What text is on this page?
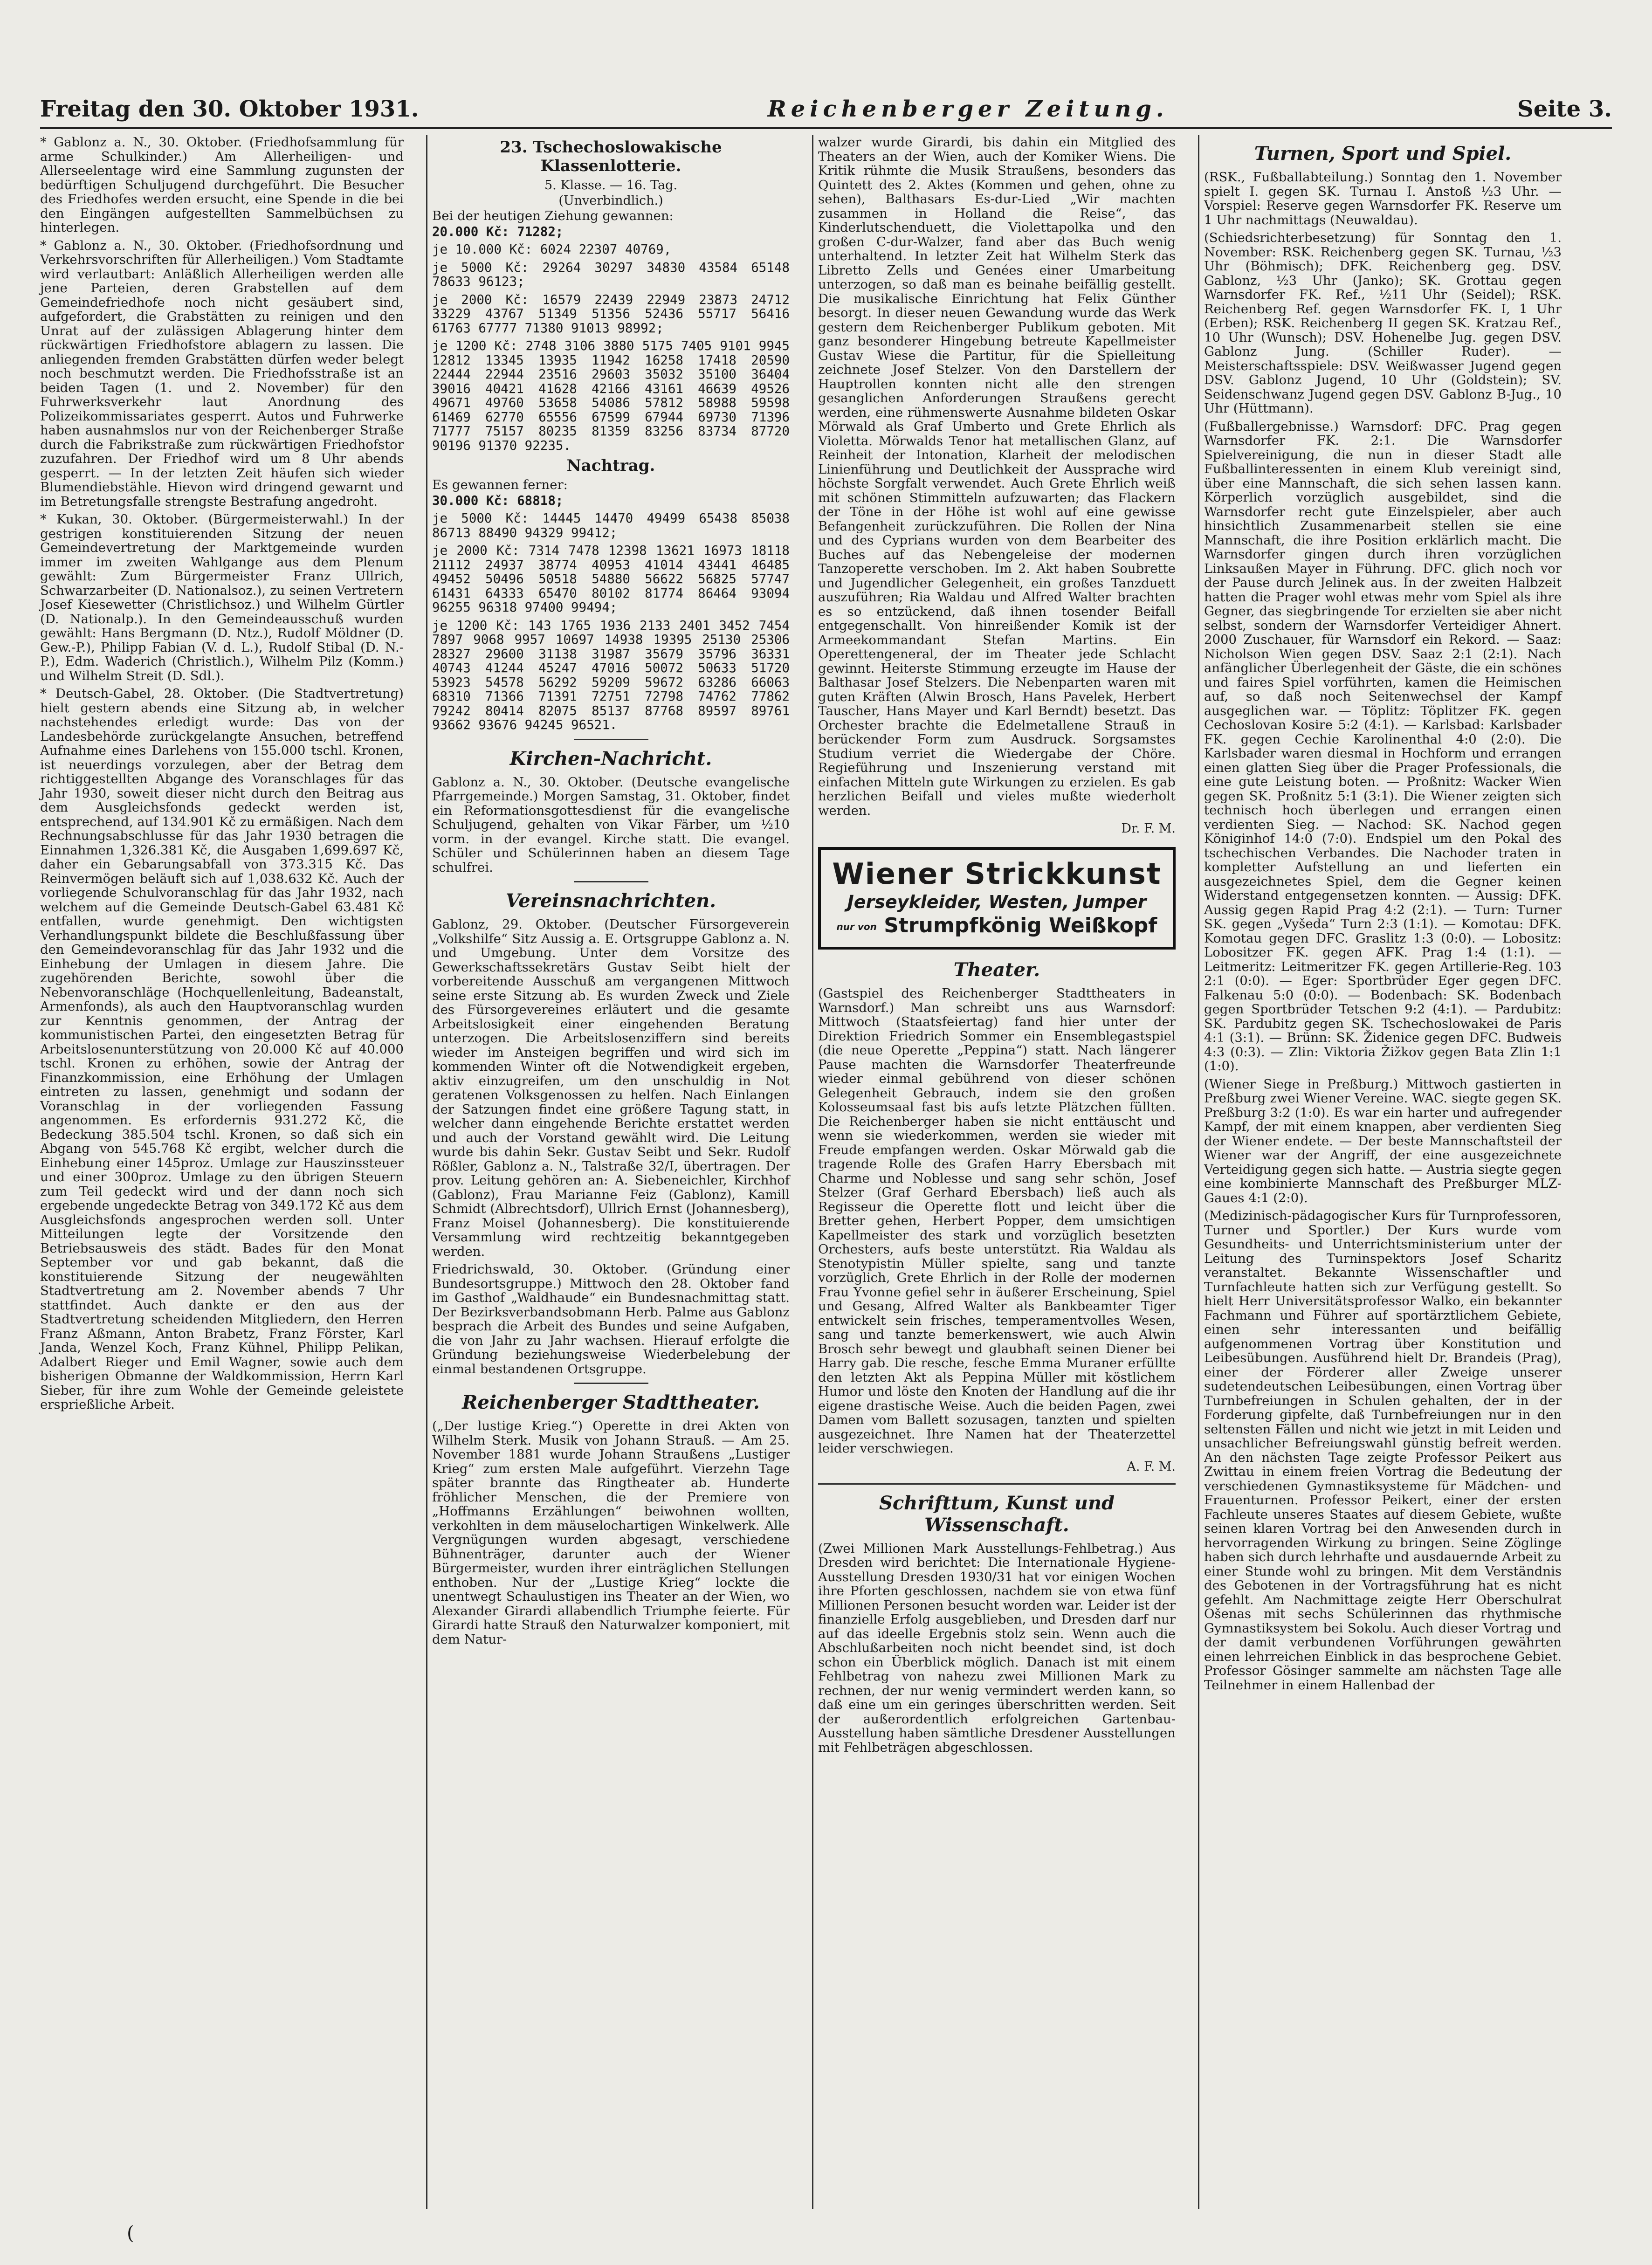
Freitag den 30. Oktober 1931.	Reichenberger Zeitung.	Seite 3.

* Gablonz a. N., 30. Oktober. (Friedhofsammlung für arme Schulkinder.) Am Allerheiligen- und Allerseelentage wird eine Sammlung zugunsten der bedürftigen Schuljugend durchgeführt. Die Besucher des Friedhofes werden ersucht, eine Spende in die bei den Eingängen aufgestellten Sammelbüchsen zu hinterlegen.

* Gablonz a. N., 30. Oktober. (Friedhofsordnung und Verkehrsvorschriften für Allerheiligen.) Vom Stadtamte wird verlautbart: Anläßlich Allerheiligen werden alle jene Parteien, deren Grabstellen auf dem Gemeindefriedhofe noch nicht gesäubert sind, aufgefordert, die Grabstätten zu reinigen und den Unrat auf der zulässigen Ablagerung hinter dem rückwärtigen Friedhofstore ablagern zu lassen. Die anliegenden fremden Grabstätten dürfen weder belegt noch beschmutzt werden. Die Friedhofsstraße ist an beiden Tagen (1. und 2. November) für den Fuhrwerksverkehr laut Anordnung des Polizeikommissariates gesperrt. Autos und Fuhrwerke haben ausnahmslos nur von der Reichenberger Straße durch die Fabrikstraße zum rückwärtigen Friedhofstor zuzufahren. Der Friedhof wird um 8 Uhr abends gesperrt. — In der letzten Zeit häufen sich wieder Blumendiebstähle. Hievon wird dringend gewarnt und im Betretungsfalle strengste Bestrafung angedroht.

* Kukan, 30. Oktober. (Bürgermeisterwahl.) In der gestrigen konstituierenden Sitzung der neuen Gemeindevertretung der Marktgemeinde wurden immer im zweiten Wahlgange aus dem Plenum gewählt: Zum Bürgermeister Franz Ullrich, Schwarzarbeiter (D. Nationalsoz.), zu seinen Vertretern Josef Kiesewetter (Christlichsoz.) und Wilhelm Gürtler (D. Nationalp.). In den Gemeindeausschuß wurden gewählt: Hans Bergmann (D. Ntz.), Rudolf Möldner (D. Gew.-P.), Philipp Fabian (V. d. L.), Rudolf Stibal (D. N.-P.), Edm. Waderich (Christlich.), Wilhelm Pilz (Komm.) und Wilhelm Streit (D. Sdl.).

* Deutsch-Gabel, 28. Oktober. (Die Stadtvertretung) hielt gestern abends eine Sitzung ab, in welcher nachstehendes erledigt wurde: Das von der Landesbehörde zurückgelangte Ansuchen, betreffend Aufnahme eines Darlehens von 155.000 tschl. Kronen, ist neuerdings vorzulegen, aber der Betrag dem richtiggestellten Abgange des Voranschlages für das Jahr 1930, soweit dieser nicht durch den Beitrag aus dem Ausgleichsfonds gedeckt werden ist, entsprechend, auf 134.901 Kč zu ermäßigen. Nach dem Rechnungsabschlusse für das Jahr 1930 betragen die Einnahmen 1,326.381 Kč, die Ausgaben 1,699.697 Kč, daher ein Gebarungsabfall von 373.315 Kč. Das Reinvermögen beläuft sich auf 1,038.632 Kč. Auch der vorliegende Schulvoranschlag für das Jahr 1932, nach welchem auf die Gemeinde Deutsch-Gabel 63.481 Kč entfallen, wurde genehmigt. Den wichtigsten Verhandlungspunkt bildete die Beschlußfassung über den Gemeindevoranschlag für das Jahr 1932 und die Einhebung der Umlagen in diesem Jahre. Die zugehörenden Berichte, sowohl über die Nebenvoranschläge (Hochquellenleitung, Badeanstalt, Armenfonds), als auch den Hauptvoranschlag wurden zur Kenntnis genommen, der Antrag der kommunistischen Partei, den eingesetzten Betrag für Arbeitslosenunterstützung von 20.000 Kč auf 40.000 tschl. Kronen zu erhöhen, sowie der Antrag der Finanzkommission, eine Erhöhung der Umlagen eintreten zu lassen, genehmigt und sodann der Voranschlag in der vorliegenden Fassung angenommen. Es erfordernis 931.272 Kč, die Bedeckung 385.504 tschl. Kronen, so daß sich ein Abgang von 545.768 Kč ergibt, welcher durch die Einhebung einer 145proz. Umlage zur Hauszinssteuer und einer 300proz. Umlage zu den übrigen Steuern zum Teil gedeckt wird und der dann noch sich ergebende ungedeckte Betrag von 349.172 Kč aus dem Ausgleichsfonds angesprochen werden soll. Unter Mitteilungen legte der Vorsitzende den Betriebsausweis des städt. Bades für den Monat September vor und gab bekannt, daß die konstituierende Sitzung der neugewählten Stadtvertretung am 2. November abends 7 Uhr stattfindet. Auch dankte er den aus der Stadtvertretung scheidenden Mitgliedern, den Herren Franz Aßmann, Anton Brabetz, Franz Förster, Karl Janda, Wenzel Koch, Franz Kühnel, Philipp Pelikan, Adalbert Rieger und Emil Wagner, sowie auch dem bisherigen Obmanne der Waldkommission, Herrn Karl Sieber, für ihre zum Wohle der Gemeinde geleistete ersprießliche Arbeit.

23. Tschechoslowakische Klassenlotterie.
5. Klasse. — 16. Tag.
(Unverbindlich.)

Bei der heutigen Ziehung gewannen:

20.000 Kč: 71282;

je 10.000 Kč: 6024 22307 40769,

je 5000 Kč: 29264 30297 34830 43584 65148 78633 96123;

je 2000 Kč: 16579 22439 22949 23873 24712 33229 43767 51349 51356 52436 55717 56416 61763 67777 71380 91013 98992;

je 1200 Kč: 2748 3106 3880 5175 7405 9101 9945 12812 13345 13935 11942 16258 17418 20590 22444 22944 23516 29603 35032 35100 36404 39016 40421 41628 42166 43161 46639 49526 49671 49760 53658 54086 57812 58988 59598 61469 62770 65556 67599 67944 69730 71396 71777 75157 80235 81359 83256 83734 87720 90196 91370 92235.

Nachtrag.

Es gewannen ferner:

30.000 Kč: 68818;

je 5000 Kč: 14445 14470 49499 65438 85038 86713 88490 94329 99412;

je 2000 Kč: 7314 7478 12398 13621 16973 18118 21112 24937 38774 40953 41014 43441 46485 49452 50496 50518 54880 56622 56825 57747 61431 64333 65470 80102 81774 86464 93094 96255 96318 97400 99494;

je 1200 Kč: 143 1765 1936 2133 2401 3452 7454 7897 9068 9957 10697 14938 19395 25130 25306 28327 29600 31138 31987 35679 35796 36331 40743 41244 45247 47016 50072 50633 51720 53923 54578 56292 59209 59672 63286 66063 68310 71366 71391 72751 72798 74762 77862 79242 80414 82075 85137 87768 89597 89761 93662 93676 94245 96521.

Kirchen-Nachricht.

Gablonz a. N., 30. Oktober. (Deutsche evangelische Pfarrgemeinde.) Morgen Samstag, 31. Oktober, findet ein Reformationsgottesdienst für die evangelische Schuljugend, gehalten von Vikar Färber, um ½10 vorm. in der evangel. Kirche statt. Die evangel. Schüler und Schülerinnen haben an diesem Tage schulfrei.

Vereinsnachrichten.

Gablonz, 29. Oktober. (Deutscher Fürsorgeverein „Volkshilfe“ Sitz Aussig a. E. Ortsgruppe Gablonz a. N. und Umgebung. Unter dem Vorsitze des Gewerkschaftssekretärs Gustav Seibt hielt der vorbereitende Ausschuß am vergangenen Mittwoch seine erste Sitzung ab. Es wurden Zweck und Ziele des Fürsorgevereines erläutert und die gesamte Arbeitslosigkeit einer eingehenden Beratung unterzogen. Die Arbeitslosenziffern sind bereits wieder im Ansteigen begriffen und wird sich im kommenden Winter oft die Notwendigkeit ergeben, aktiv einzugreifen, um den unschuldig in Not geratenen Volksgenossen zu helfen. Nach Einlangen der Satzungen findet eine größere Tagung statt, in welcher dann eingehende Berichte erstattet werden und auch der Vorstand gewählt wird. Die Leitung wurde bis dahin Sekr. Gustav Seibt und Sekr. Rudolf Rößler, Gablonz a. N., Talstraße 32/I, übertragen. Der prov. Leitung gehören an: A. Siebeneichler, Kirchhof (Gablonz), Frau Marianne Feiz (Gablonz), Kamill Schmidt (Albrechtsdorf), Ullrich Ernst (Johannesberg), Franz Moisel (Johannesberg). Die konstituierende Versammlung wird rechtzeitig bekanntgegeben werden.

Friedrichswald, 30. Oktober. (Gründung einer Bundesortsgruppe.) Mittwoch den 28. Oktober fand im Gasthof „Waldhaude“ ein Bundesnachmittag statt. Der Bezirksverbandsobmann Herb. Palme aus Gablonz besprach die Arbeit des Bundes und seine Aufgaben, die von Jahr zu Jahr wachsen. Hierauf erfolgte die Gründung beziehungsweise Wiederbelebung der einmal bestandenen Ortsgruppe.

Reichenberger Stadttheater.

(„Der lustige Krieg.“) Operette in drei Akten von Wilhelm Sterk. Musik von Johann Strauß. — Am 25. November 1881 wurde Johann Straußens „Lustiger Krieg“ zum ersten Male aufgeführt. Vierzehn Tage später brannte das Ringtheater ab. Hunderte fröhlicher Menschen, die der Premiere von „Hoffmanns Erzählungen“ beiwohnen wollten, verkohlten in dem mäuselochartigen Winkelwerk. Alle Vergnügungen wurden abgesagt, verschiedene Bühnenträger, darunter auch der Wiener Bürgermeister, wurden ihrer einträglichen Stellungen enthoben. Nur der „Lustige Krieg“ lockte die unentwegt Schaulustigen ins Theater an der Wien, wo Alexander Girardi allabendlich Triumphe feierte. Für Girardi hatte Strauß den Naturwalzer komponiert, mit dem Natur-

walzer wurde Girardi, bis dahin ein Mitglied des Theaters an der Wien, auch der Komiker Wiens. Die Kritik rühmte die Musik Straußens, besonders das Quintett des 2. Aktes (Kommen und gehen, ohne zu sehen), Balthasars Es-dur-Lied „Wir machten zusammen in Holland die Reise“, das Kinderlutschenduett, die Violettapolka und den großen C-dur-Walzer, fand aber das Buch wenig unterhaltend. In letzter Zeit hat Wilhelm Sterk das Libretto Zells und Genées einer Umarbeitung unterzogen, so daß man es beinahe beifällig gestellt. Die musikalische Einrichtung hat Felix Günther besorgt. In dieser neuen Gewandung wurde das Werk gestern dem Reichenberger Publikum geboten. Mit ganz besonderer Hingebung betreute Kapellmeister Gustav Wiese die Partitur, für die Spielleitung zeichnete Josef Stelzer. Von den Darstellern der Hauptrollen konnten nicht alle den strengen gesanglichen Anforderungen Straußens gerecht werden, eine rühmenswerte Ausnahme bildeten Oskar Mörwald als Graf Umberto und Grete Ehrlich als Violetta. Mörwalds Tenor hat metallischen Glanz, auf Reinheit der Intonation, Klarheit der melodischen Linienführung und Deutlichkeit der Aussprache wird höchste Sorgfalt verwendet. Auch Grete Ehrlich weiß mit schönen Stimmitteln aufzuwarten; das Flackern der Töne in der Höhe ist wohl auf eine gewisse Befangenheit zurückzuführen. Die Rollen der Nina und des Cyprians wurden von dem Bearbeiter des Buches auf das Nebengeleise der modernen Tanzoperette verschoben. Im 2. Akt haben Soubrette und Jugendlicher Gelegenheit, ein großes Tanzduett auszuführen; Ria Waldau und Alfred Walter brachten es so entzückend, daß ihnen tosender Beifall entgegenschallt. Von hinreißender Komik ist der Armeekommandant Stefan Martins. Ein Operettengeneral, der im Theater jede Schlacht gewinnt. Heiterste Stimmung erzeugte im Hause der Balthasar Josef Stelzers. Die Nebenparten waren mit guten Kräften (Alwin Brosch, Hans Pavelek, Herbert Tauscher, Hans Mayer und Karl Berndt) besetzt. Das Orchester brachte die Edelmetallene Strauß in berückender Form zum Ausdruck. Sorgsamstes Studium verriet die Wiedergabe der Chöre. Regieführung und Inszenierung verstand mit einfachen Mitteln gute Wirkungen zu erzielen. Es gab herzlichen Beifall und vieles mußte wiederholt werden.

Dr. F. M.
Wiener Strickkunst
Jerseykleider, Westen, Jumper
nur von Strumpfkönig Weißkopf
Theater.

(Gastspiel des Reichenberger Stadttheaters in Warnsdorf.) Man schreibt uns aus Warnsdorf: Mittwoch (Staatsfeiertag) fand hier unter der Direktion Friedrich Sommer ein Ensemblegastspiel (die neue Operette „Peppina“) statt. Nach längerer Pause machten die Warnsdorfer Theaterfreunde wieder einmal gebührend von dieser schönen Gelegenheit Gebrauch, indem sie den großen Kolosseumsaal fast bis aufs letzte Plätzchen füllten. Die Reichenberger haben sie nicht enttäuscht und wenn sie wiederkommen, werden sie wieder mit Freude empfangen werden. Oskar Mörwald gab die tragende Rolle des Grafen Harry Ebersbach mit Charme und Noblesse und sang sehr schön, Josef Stelzer (Graf Gerhard Ebersbach) ließ auch als Regisseur die Operette flott und leicht über die Bretter gehen, Herbert Popper, dem umsichtigen Kapellmeister des stark und vorzüglich besetzten Orchesters, aufs beste unterstützt. Ria Waldau als Stenotypistin Müller spielte, sang und tanzte vorzüglich, Grete Ehrlich in der Rolle der modernen Frau Yvonne gefiel sehr in äußerer Erscheinung, Spiel und Gesang, Alfred Walter als Bankbeamter Tiger entwickelt sein frisches, temperamentvolles Wesen, sang und tanzte bemerkenswert, wie auch Alwin Brosch sehr bewegt und glaubhaft seinen Diener bei Harry gab. Die resche, fesche Emma Muraner erfüllte den letzten Akt als Peppina Müller mit köstlichem Humor und löste den Knoten der Handlung auf die ihr eigene drastische Weise. Auch die beiden Pagen, zwei Damen vom Ballett sozusagen, tanzten und spielten ausgezeichnet. Ihre Namen hat der Theaterzettel leider verschwiegen.

A. F. M.
Schrifttum, Kunst und Wissenschaft.

(Zwei Millionen Mark Ausstellungs-Fehlbetrag.) Aus Dresden wird berichtet: Die Internationale Hygiene-Ausstellung Dresden 1930/31 hat vor einigen Wochen ihre Pforten geschlossen, nachdem sie von etwa fünf Millionen Personen besucht worden war. Leider ist der finanzielle Erfolg ausgeblieben, und Dresden darf nur auf das ideelle Ergebnis stolz sein. Wenn auch die Abschlußarbeiten noch nicht beendet sind, ist doch schon ein Überblick möglich. Danach ist mit einem Fehlbetrag von nahezu zwei Millionen Mark zu rechnen, der nur wenig vermindert werden kann, so daß eine um ein geringes überschritten werden. Seit der außerordentlich erfolgreichen Gartenbau-Ausstellung haben sämtliche Dresdener Ausstellungen mit Fehlbeträgen abgeschlossen.

Turnen, Sport und Spiel.

(RSK., Fußballabteilung.) Sonntag den 1. November spielt I. gegen SK. Turnau I. Anstoß ½3 Uhr. — Vorspiel: Reserve gegen Warnsdorfer FK. Reserve um 1 Uhr nachmittags (Neuwaldau).

(Schiedsrichterbesetzung) für Sonntag den 1. November: RSK. Reichenberg gegen SK. Turnau, ½3 Uhr (Böhmisch); DFK. Reichenberg geg. DSV. Gablonz, ½3 Uhr (Janko); SK. Grottau gegen Warnsdorfer FK. Ref., ½11 Uhr (Seidel); RSK. Reichenberg Ref. gegen Warnsdorfer FK. I, 1 Uhr (Erben); RSK. Reichenberg II gegen SK. Kratzau Ref., 10 Uhr (Wunsch); DSV. Hohenelbe Jug. gegen DSV. Gablonz Jung. (Schiller Ruder). — Meisterschaftsspiele: DSV. Weißwasser Jugend gegen DSV. Gablonz Jugend, 10 Uhr (Goldstein); SV. Seidenschwanz Jugend gegen DSV. Gablonz B-Jug., 10 Uhr (Hüttmann).

(Fußballergebnisse.) Warnsdorf: DFC. Prag gegen Warnsdorfer FK. 2:1. Die Warnsdorfer Spielvereinigung, die nun in dieser Stadt alle Fußballinteressenten in einem Klub vereinigt sind, über eine Mannschaft, die sich sehen lassen kann. Körperlich vorzüglich ausgebildet, sind die Warnsdorfer recht gute Einzelspieler, aber auch hinsichtlich Zusammenarbeit stellen sie eine Mannschaft, die ihre Position erklärlich macht. Die Warnsdorfer gingen durch ihren vorzüglichen Linksaußen Mayer in Führung. DFC. glich noch vor der Pause durch Jelinek aus. In der zweiten Halbzeit hatten die Prager wohl etwas mehr vom Spiel als ihre Gegner, das siegbringende Tor erzielten sie aber nicht selbst, sondern der Warnsdorfer Verteidiger Ahnert. 2000 Zuschauer, für Warnsdorf ein Rekord. — Saaz: Nicholson Wien gegen DSV. Saaz 2:1 (2:1). Nach anfänglicher Überlegenheit der Gäste, die ein schönes und faires Spiel vorführten, kamen die Heimischen auf, so daß noch Seitenwechsel der Kampf ausgeglichen war. — Töplitz: Töplitzer FK. gegen Cechoslovan Kosire 5:2 (4:1). — Karlsbad: Karlsbader FK. gegen Cechie Karolinenthal 4:0 (2:0). Die Karlsbader waren diesmal in Hochform und errangen einen glatten Sieg über die Prager Professionals, die eine gute Leistung boten. — Proßnitz: Wacker Wien gegen SK. Proßnitz 5:1 (3:1). Die Wiener zeigten sich technisch hoch überlegen und errangen einen verdienten Sieg. — Nachod: SK. Nachod gegen Königinhof 14:0 (7:0). Endspiel um den Pokal des tschechischen Verbandes. Die Nachoder traten in kompletter Aufstellung an und lieferten ein ausgezeichnetes Spiel, dem die Gegner keinen Widerstand entgegensetzen konnten. — Aussig: DFK. Aussig gegen Rapid Prag 4:2 (2:1). — Turn: Turner SK. gegen „Vyšeda“ Turn 2:3 (1:1). — Komotau: DFK. Komotau gegen DFC. Graslitz 1:3 (0:0). — Lobositz: Lobositzer FK. gegen AFK. Prag 1:4 (1:1). — Leitmeritz: Leitmeritzer FK. gegen Artillerie-Reg. 103 2:1 (0:0). — Eger: Sportbrüder Eger gegen DFC. Falkenau 5:0 (0:0). — Bodenbach: SK. Bodenbach gegen Sportbrüder Tetschen 9:2 (4:1). — Pardubitz: SK. Pardubitz gegen SK. Tschechoslowakei de Paris 4:1 (3:1). — Brünn: SK. Židenice gegen DFC. Budweis 4:3 (0:3). — Zlin: Viktoria Žižkov gegen Bata Zlin 1:1 (1:0).

(Wiener Siege in Preßburg.) Mittwoch gastierten in Preßburg zwei Wiener Vereine. WAC. siegte gegen SK. Preßburg 3:2 (1:0). Es war ein harter und aufregender Kampf, der mit einem knappen, aber verdienten Sieg der Wiener endete. — Der beste Mannschaftsteil der Wiener war der Angriff, der eine ausgezeichnete Verteidigung gegen sich hatte. — Austria siegte gegen eine kombinierte Mannschaft des Preßburger MLZ-Gaues 4:1 (2:0).

(Medizinisch-pädagogischer Kurs für Turnprofessoren, Turner und Sportler.) Der Kurs wurde vom Gesundheits- und Unterrichtsministerium unter der Leitung des Turninspektors Josef Scharitz veranstaltet. Bekannte Wissenschaftler und Turnfachleute hatten sich zur Verfügung gestellt. So hielt Herr Universitätsprofessor Walko, ein bekannter Fachmann und Führer auf sportärztlichem Gebiete, einen sehr interessanten und beifällig aufgenommenen Vortrag über Konstitution und Leibesübungen. Ausführend hielt Dr. Brandeis (Prag), einer der Förderer aller Zweige unserer sudetendeutschen Leibesübungen, einen Vortrag über Turnbefreiungen in Schulen gehalten, der in der Forderung gipfelte, daß Turnbefreiungen nur in den seltensten Fällen und nicht wie jetzt in mit Leiden und unsachlicher Befreiungswahl günstig befreit werden. An den nächsten Tage zeigte Professor Peikert aus Zwittau in einem freien Vortrag die Bedeutung der verschiedenen Gymnastiksysteme für Mädchen- und Frauenturnen. Professor Peikert, einer der ersten Fachleute unseres Staates auf diesem Gebiete, wußte seinen klaren Vortrag bei den Anwesenden durch in hervorragenden Wirkung zu bringen. Seine Zöglinge haben sich durch lehrhafte und ausdauernde Arbeit zu einer Stunde wohl zu bringen. Mit dem Verständnis des Gebotenen in der Vortragsführung hat es nicht gefehlt. Am Nachmittage zeigte Herr Oberschulrat Ošenas mit sechs Schülerinnen das rhythmische Gymnastiksystem bei Sokolu. Auch dieser Vortrag und der damit verbundenen Vorführungen gewährten einen lehrreichen Einblick in das besprochene Gebiet. Professor Gösinger sammelte am nächsten Tage alle Teilnehmer in einem Hallenbad der

(
